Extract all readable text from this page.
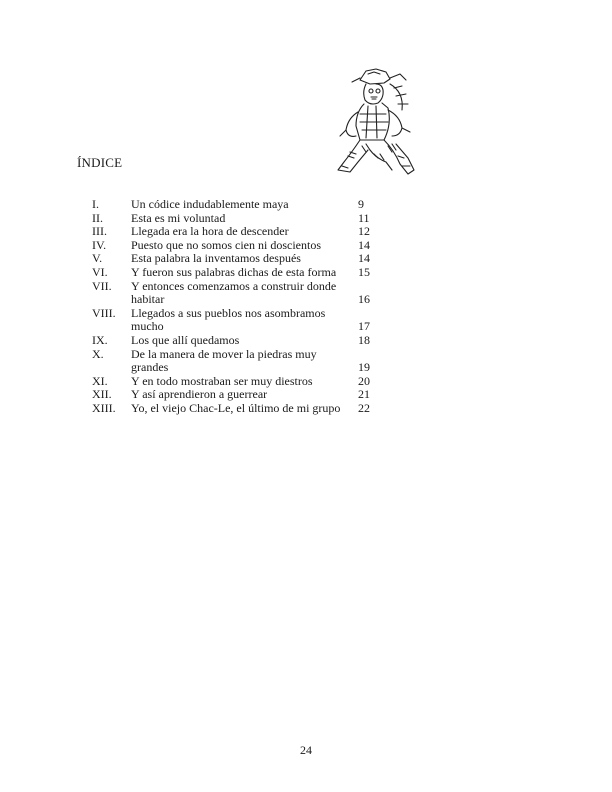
ÍNDICE
I.	Un códice indudablemente maya	9
II. Esta es mi voluntad	11
III. Llegada era la hora de descender	12
IV. Puesto que no somos cien ni doscientos	14
V. Esta palabra la inventamos después	14
VI. Y fueron sus palabras dichas de esta forma	15
VII. Y entonces comenzamos a construir donde habitar	16
VIII. Llegados a sus pueblos nos asombramos mucho	17
IX. Los que allí quedamos	18
X. De la manera de mover la piedras muy grandes	19
XI. Y en todo mostraban ser muy diestros	20
XII. Y así aprendieron a guerrear	21
XIII. Yo, el viejo Chac-Le, el último de mi grupo	22
24
